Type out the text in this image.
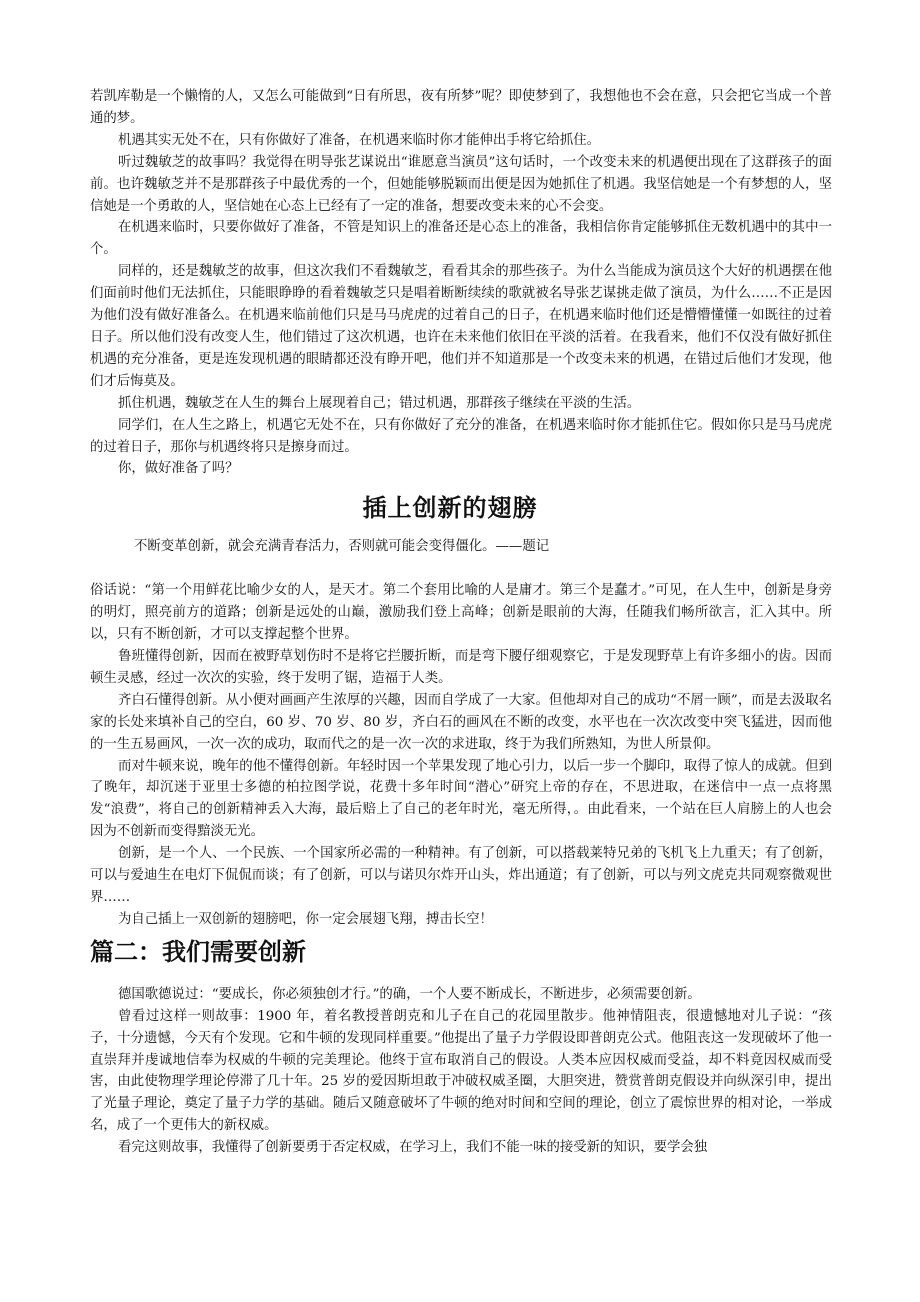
若凯库勒是一个懒惰的人，又怎么可能做到“日有所思，夜有所梦”呢？即使梦到了，我想他也不会在意，只会把它当成一个普通的梦。

机遇其实无处不在，只有你做好了准备，在机遇来临时你才能伸出手将它给抓住。

听过魏敏芝的故事吗？我觉得在明导张艺谋说出“谁愿意当演员”这句话时，一个改变未来的机遇便出现在了这群孩子的面前。也许魏敏芝并不是那群孩子中最优秀的一个，但她能够脱颖而出便是因为她抓住了机遇。我坚信她是一个有梦想的人，坚信她是一个勇敢的人，坚信她在心态上已经有了一定的准备，想要改变未来的心不会变。

在机遇来临时，只要你做好了准备，不管是知识上的准备还是心态上的准备，我相信你肯定能够抓住无数机遇中的其中一个。

同样的，还是魏敏芝的故事，但这次我们不看魏敏芝，看看其余的那些孩子。为什么当能成为演员这个大好的机遇摆在他们面前时他们无法抓住，只能眼睁睁的看着魏敏芝只是唱着断断续续的歌就被名导张艺谋挑走做了演员，为什么……不正是因为他们没有做好准备么。在机遇来临前他们只是马马虎虎的过着自己的日子，在机遇来临时他们还是懵懵懂懂一如既往的过着日子。所以他们没有改变人生，他们错过了这次机遇，也许在未来他们依旧在平淡的活着。在我看来，他们不仅没有做好抓住机遇的充分准备，更是连发现机遇的眼睛都还没有睁开吧，他们并不知道那是一个改变未来的机遇，在错过后他们才发现，他们才后悔莫及。

抓住机遇，魏敏芝在人生的舞台上展现着自己；错过机遇，那群孩子继续在平淡的生活。

同学们，在人生之路上，机遇它无处不在，只有你做好了充分的准备，在机遇来临时你才能抓住它。假如你只是马马虎虎的过着日子，那你与机遇终将只是擦身而过。

你，做好准备了吗？

插上创新的翅膀
不断变革创新，就会充满青春活力，否则就可能会变得僵化。——题记

俗话说：“第一个用鲜花比喻少女的人，是天才。第二个套用比喻的人是庸才。第三个是蠢才。”可见，在人生中，创新是身旁的明灯，照亮前方的道路；创新是远处的山巅，激励我们登上高峰；创新是眼前的大海，任随我们畅所欲言，汇入其中。所以，只有不断创新，才可以支撑起整个世界。

鲁班懂得创新，因而在被野草划伤时不是将它拦腰折断，而是弯下腰仔细观察它，于是发现野草上有许多细小的齿。因而顿生灵感，经过一次次的实验，终于发明了锯，造福于人类。

齐白石懂得创新。从小便对画画产生浓厚的兴趣，因而自学成了一大家。但他却对自己的成功“不屑一顾”，而是去汲取名家的长处来填补自己的空白，60 岁、70 岁、80 岁，齐白石的画风在不断的改变，水平也在一次次改变中突飞猛进，因而他的一生五易画风，一次一次的成功，取而代之的是一次一次的求进取，终于为我们所熟知，为世人所景仰。

而对牛顿来说，晚年的他不懂得创新。年轻时因一个苹果发现了地心引力，以后一步一个脚印，取得了惊人的成就。但到了晚年，却沉迷于亚里士多德的柏拉图学说，花费十多年时间“潜心”研究上帝的存在，不思进取，在迷信中一点一点将黑发“浪费”，将自己的创新精神丢入大海，最后赔上了自己的老年时光，毫无所得，。由此看来，一个站在巨人肩膀上的人也会因为不创新而变得黯淡无光。

创新，是一个人、一个民族、一个国家所必需的一种精神。有了创新，可以搭载莱特兄弟的飞机飞上九重天；有了创新，可以与爱迪生在电灯下侃侃而谈；有了创新，可以与诺贝尔炸开山头，炸出通道；有了创新，可以与列文虎克共同观察微观世界……

为自己插上一双创新的翅膀吧，你一定会展翅飞翔，搏击长空！

篇二：我们需要创新

德国歌德说过：“要成长，你必须独创才行。”的确，一个人要不断成长，不断进步，必须需要创新。

曾看过这样一则故事：1900 年，着名教授普朗克和儿子在自己的花园里散步。他神情阻丧，很遗憾地对儿子说：“孩子，十分遗憾，今天有个发现。它和牛顿的发现同样重要。”他提出了量子力学假设即普朗克公式。他阻丧这一发现破坏了他一直崇拜并虔诚地信奉为权威的牛顿的完美理论。他终于宣布取消自己的假设。人类本应因权威而受益，却不料竟因权威而受害，由此使物理学理论停滞了几十年。25 岁的爱因斯坦敢于冲破权威圣圈，大胆突进，赞赏普朗克假设并向纵深引申，提出了光量子理论，奠定了量子力学的基础。随后又随意破坏了牛顿的绝对时间和空间的理论，创立了震惊世界的相对论，一举成名，成了一个更伟大的新权威。

看完这则故事，我懂得了创新要勇于否定权威，在学习上，我们不能一味的接受新的知识，要学会独
